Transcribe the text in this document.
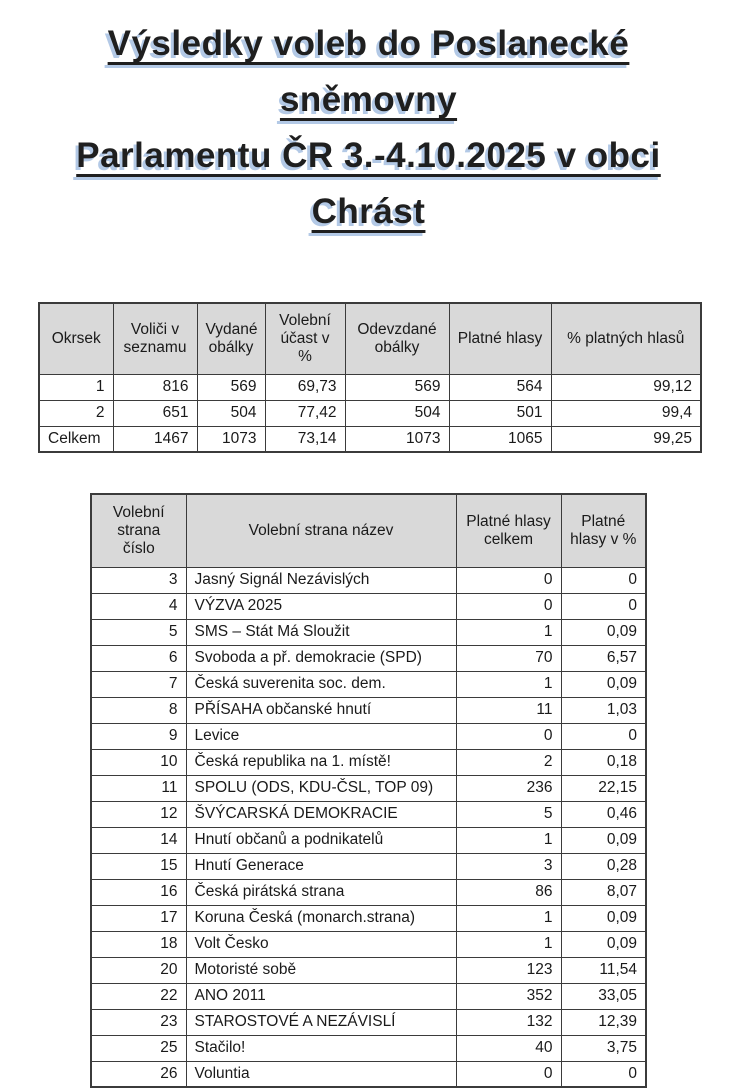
Výsledky voleb do Poslanecké sněmovny
Parlamentu ČR 3.-4.10.2025 v obci Chrást
Okrsek	Voliči v seznamu	Vydané obálky	Volební účast v %	Odevzdané obálky	Platné hlasy	% platných hlasů
1	816	569	69,73	569	564	99,12
2	651	504	77,42	504	501	99,4
Celkem	1467	1073	73,14	1073	1065	99,25
Volební strana číslo	Volební strana název	Platné hlasy celkem	Platné hlasy v %
3	Jasný Signál Nezávislých	0	0
4	VÝZVA 2025	0	0
5	SMS – Stát Má Sloužit	1	0,09
6	Svoboda a př. demokracie (SPD)	70	6,57
7	Česká suverenita soc. dem.	1	0,09
8	PŘÍSAHA občanské hnutí	11	1,03
9	Levice	0	0
10	Česká republika na 1. místě!	2	0,18
11	SPOLU (ODS, KDU-ČSL, TOP 09)	236	22,15
12	ŠVÝCARSKÁ DEMOKRACIE	5	0,46
14	Hnutí občanů a podnikatelů	1	0,09
15	Hnutí Generace	3	0,28
16	Česká pirátská strana	86	8,07
17	Koruna Česká (monarch.strana)	1	0,09
18	Volt Česko	1	0,09
20	Motoristé sobě	123	11,54
22	ANO 2011	352	33,05
23	STAROSTOVÉ A NEZÁVISLÍ	132	12,39
25	Stačilo!	40	3,75
26	Voluntia	0	0
